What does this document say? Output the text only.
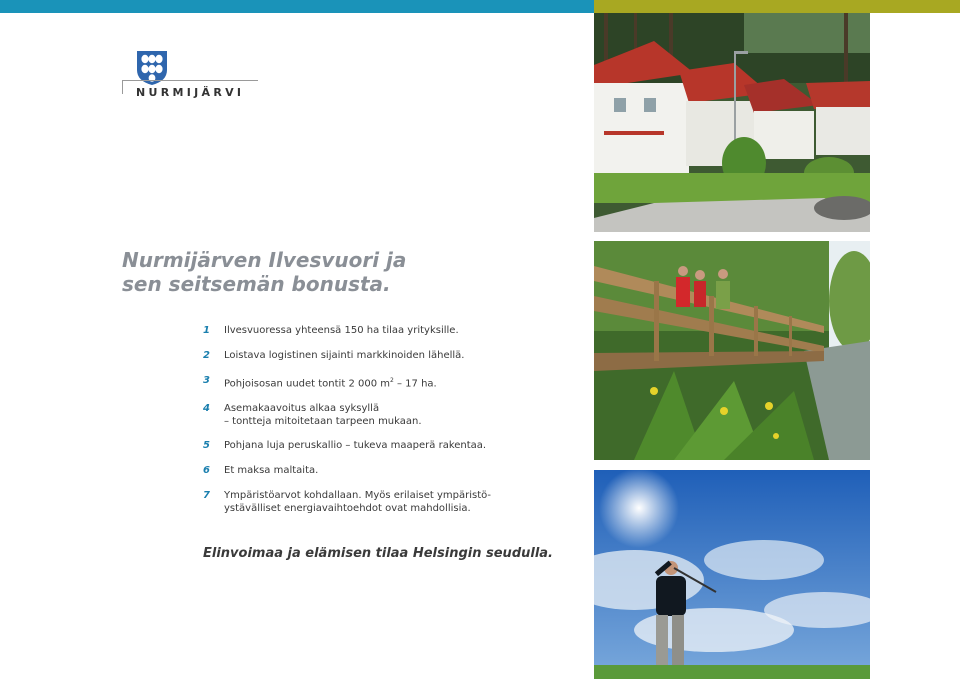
NURMIJÄRVI
Nurmijärven Ilvesvuori ja
sen seitsemän bonusta.
1 Ilvesvuoressa yhteensä 150 ha tilaa yrityksille.
2 Loistava logistinen sijainti markkinoiden lähellä.
3 Pohjoisosan uudet tontit 2 000 $m^2 - 17$ ha.
4 Asemakaavoitus alkaa syksyllä
– tontteja mitoitetaan tarpeen mukaan.
5 Pohjana luja peruskallio – tukeva maaperä rakentaa.
6 Et maksa maltaita.
7 Ympäristöarvot kohdallaan. Myös erilaiset ympäristö-
ystävälliset energiavaihtoehdot ovat mahdollisia.

Elinvoimaa ja elämisen tilaa Helsingin seudulla.
